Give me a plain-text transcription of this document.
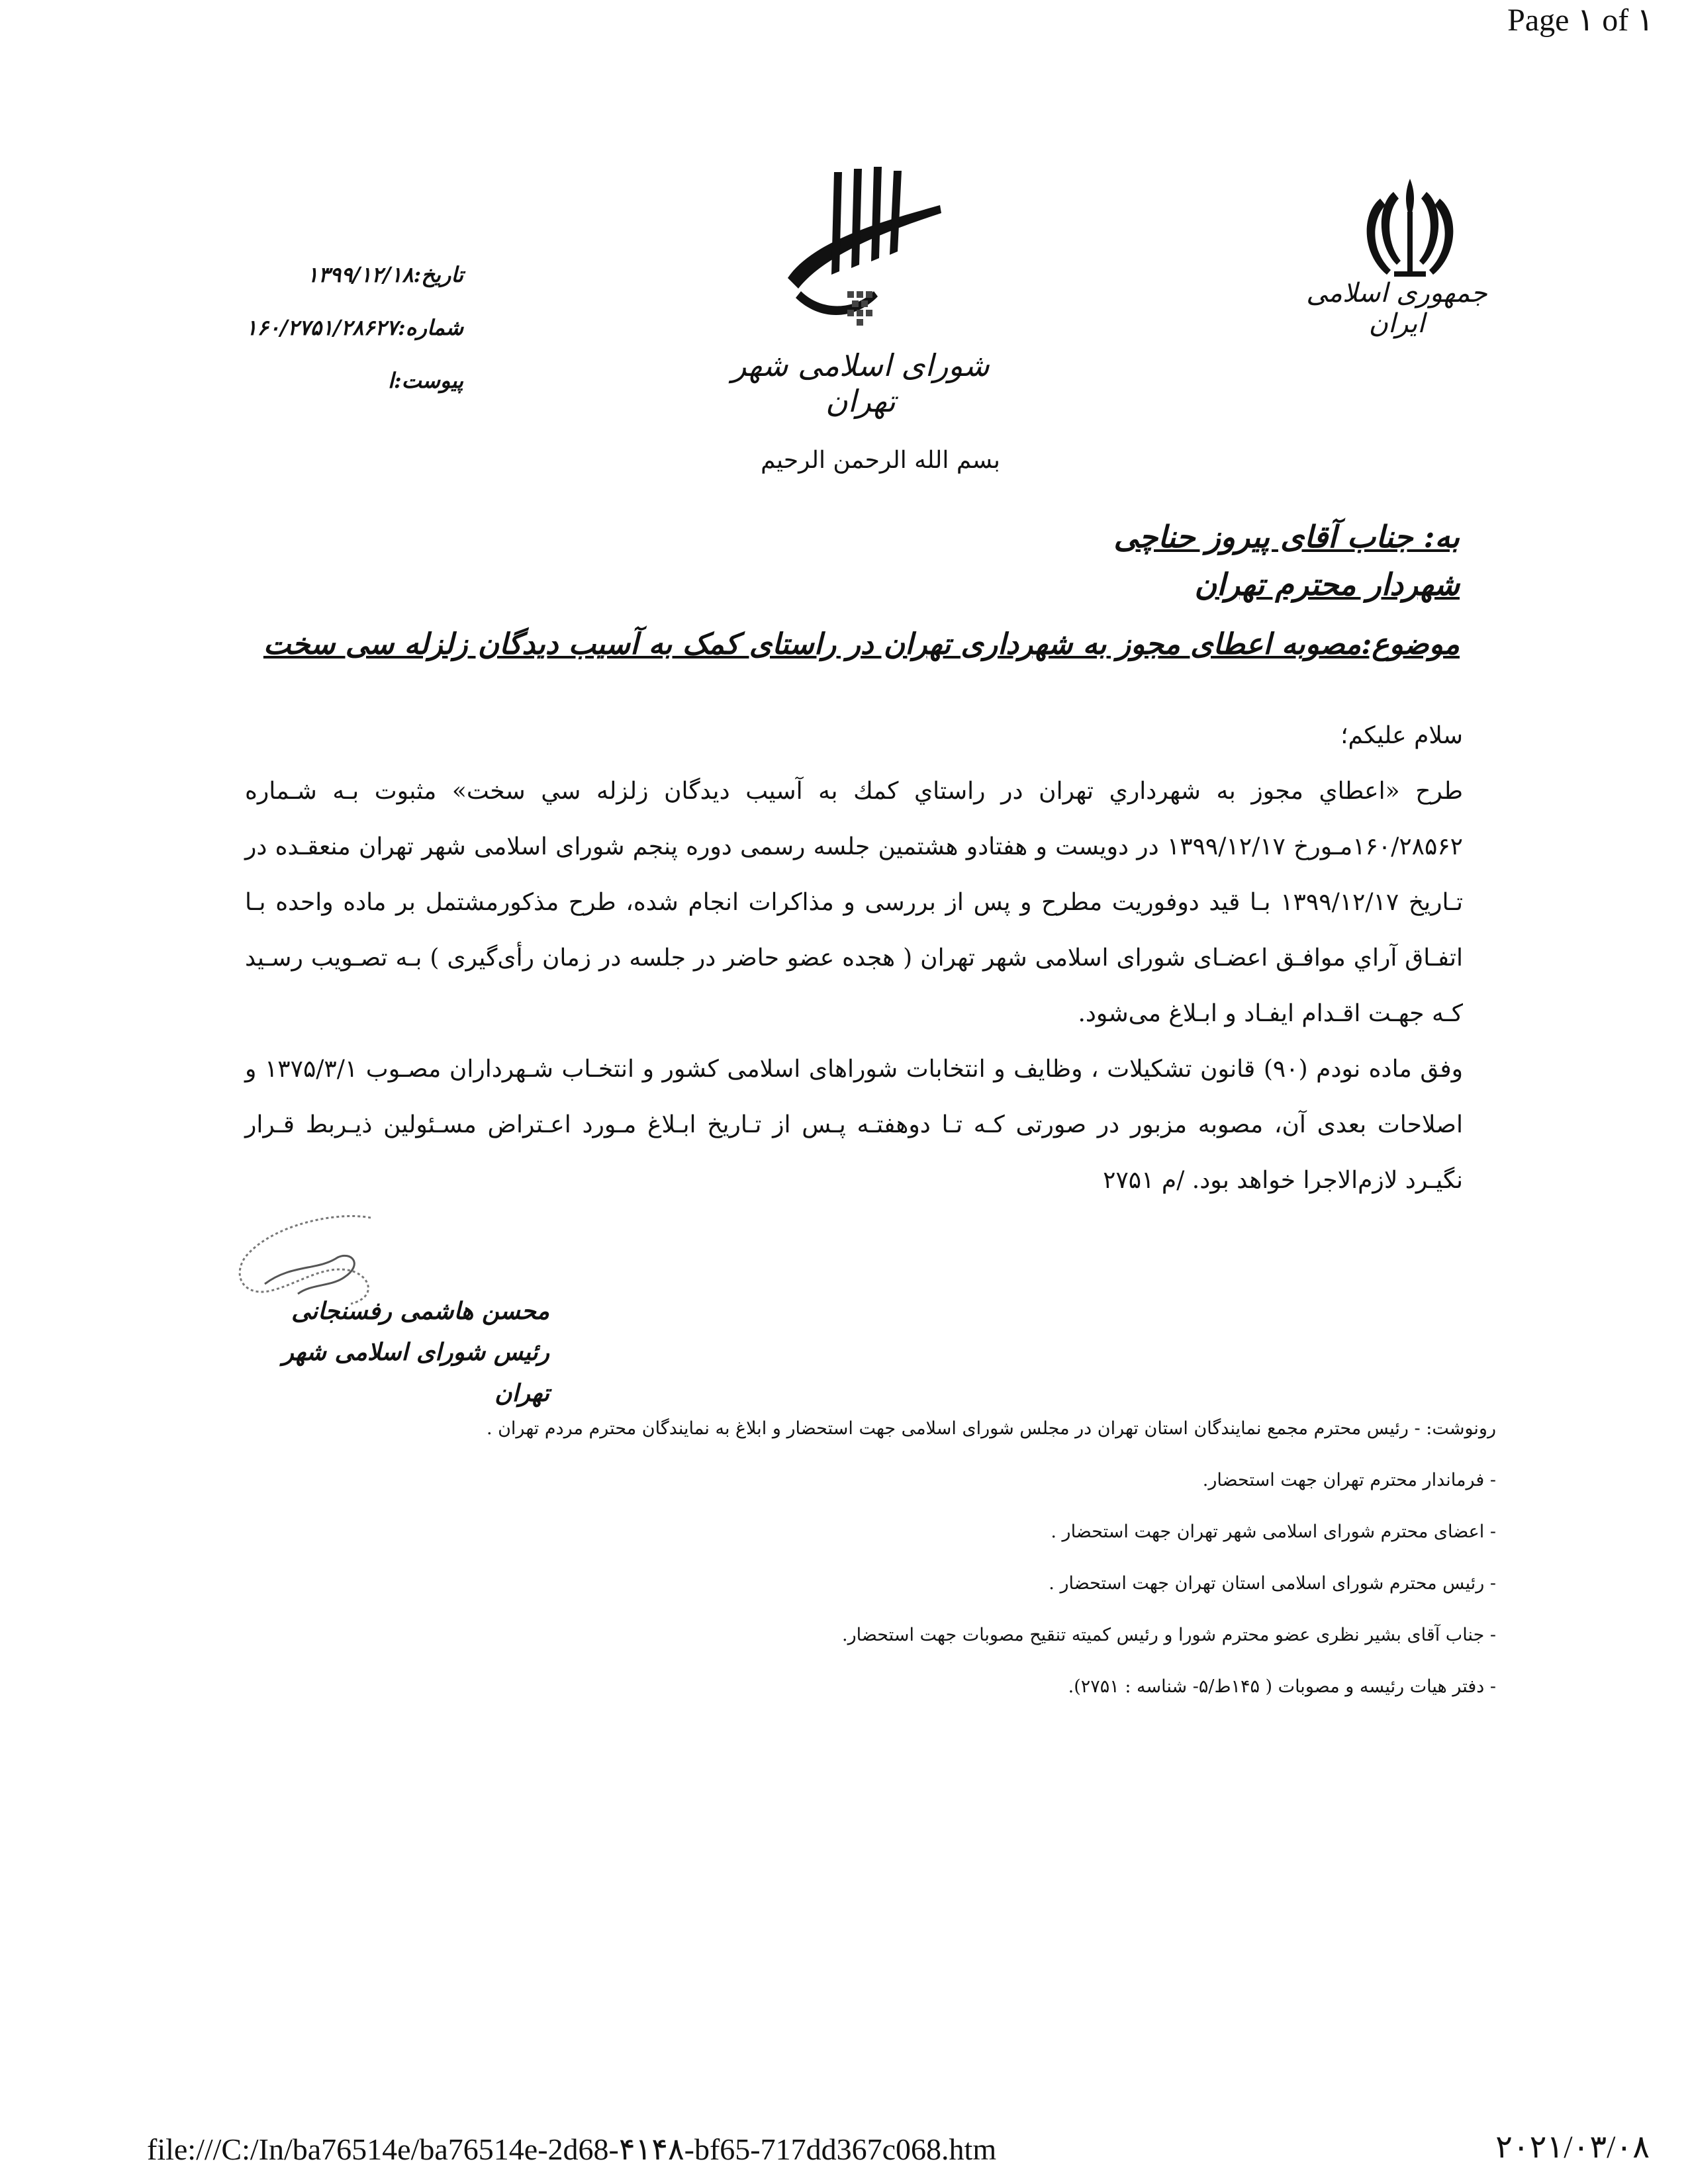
Page ۱ of ۱
جمهوری اسلامی ایران
شورای اسلامی شهر تهران
تاریخ:۱۳۹۹/۱۲/۱۸
شماره:۱۶۰/۲۷۵۱/۲۸۶۲۷
پیوست:ا
بسم الله الرحمن الرحيم
به: جناب آقای پیروز حناچی
شهردار محترم تهران
موضوع:مصوبه اعطای مجوز به شهرداری تهران در راستای کمک به آسیب دیدگان زلزله سی سخت

سلام علیکم؛

طرح «اعطاي مجوز به شهرداري تهران در راستاي كمك به آسيب ديدگان زلزله سي سخت» مثبوت بـه شـماره ۱۶۰/۲۸۵۶۲مـورخ ۱۳۹۹/۱۲/۱۷ در دویست و هفتادو هشتمین جلسه رسمی دوره پنجم شورای اسلامی شهر تهران منعقـده در تـاریخ ۱۳۹۹/۱۲/۱۷ بـا قید دوفوریت مطرح و پس از بررسی و مذاکرات انجام شده، طرح مذکورمشتمل بر ماده واحده بـا اتفـاق آراي موافـق اعضـای شورای اسلامی شهر تهران ( هجده عضو حاضر در جلسه در زمان رأی‌گیری ) بـه تصـویب رسـید کـه جهـت اقـدام ایفـاد و ابـلاغ می‌شود.

وفق ماده نودم (۹۰) قانون تشکیلات ، وظایف و انتخابات شوراهای اسلامی کشور و انتخـاب شـهرداران مصـوب ۱۳۷۵/۳/۱ و اصلاحات بعدی آن، مصوبه مزبور در صورتی کـه تـا دوهفتـه پـس از تـاریخ ابـلاغ مـورد اعـتراض مسـئولین ذیـربط قـرار نگیـرد لازم‌الاجرا خواهد بود. /م ۲۷۵۱

محسن هاشمی رفسنجانی
رئیس شورای اسلامی شهر تهران
رونوشت: - رئیس محترم مجمع نمایندگان استان تهران در مجلس شورای اسلامی جهت استحضار و ابلاغ به نمایندگان محترم مردم تهران .
- فرماندار محترم تهران جهت استحضار.
- اعضای محترم شورای اسلامی شهر تهران جهت استحضار .
- رئیس محترم شورای اسلامی استان تهران جهت استحضار .
- جناب آقای بشیر نظری عضو محترم شورا و رئیس کمیته تنقیح مصوبات جهت استحضار.
- دفتر هیات رئیسه و مصوبات ( ۱۴۵ط/۵- شناسه : ۲۷۵۱).
file:///C:/In/ba76514e/ba76514e-2d68-۴۱۴۸-bf65-717dd367c068.htm	۲۰۲۱/۰۳/۰۸
